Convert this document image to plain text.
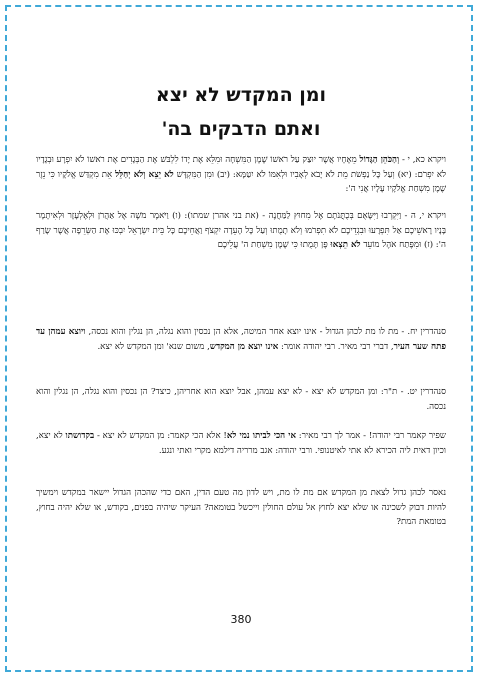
ומן המקדש לא יצא
ואתם הדבקים בה'

ויקרא כא, י - וְהַכֹּהֵן הַגָּדוֹל מֵאֶחָיו אֲשֶׁר יוּצַק עַל רֹאשׁוֹ שֶׁמֶן הַמִּשְׁחָה וּמִלֵּא אֶת יָדוֹ לִלְבֹּשׁ אֶת הַבְּגָדִים אֶת רֹאשׁוֹ לֹא יִפְרָע וּבְגָדָיו לֹא יִפְרֹם: (יא) וְעַל כָּל נַפְשֹׁת מֵת לֹא יָבֹא לְאָבִיו וּלְאִמּוֹ לֹא יִטַּמָּא: (יב) וּמִן הַמִּקְדָּשׁ לֹא יֵצֵא וְלֹא יְחַלֵּל אֵת מִקְדַּשׁ אֱלֹקָיו כִּי נֵזֶר שֶׁמֶן מִשְׁחַת אֱלֹקָיו עָלָיו אֲנִי ה':

ויקרא י, ה - וַיִּקְרְבוּ וַיִּשָּׂאֻם בְּכֻתֳּנֹתָם אֶל מִחוּץ לַמַּחֲנֶה - (את בני אהרן שמתו): (ו) וַיֹּאמֶר מֹשֶׁה אֶל אַהֲרֹן וּלְאֶלְעָזָר וּלְאִיתָמָר בָּנָיו רָאשֵׁיכֶם אַל תִּפְרָעוּ וּבִגְדֵיכֶם לֹא תִפְרֹמוּ וְלֹא תָמֻתוּ וְעַל כָּל הָעֵדָה יִקְצֹף וַאֲחֵיכֶם כָּל בֵּית יִשְׂרָאֵל יִבְכּוּ אֶת הַשְּׂרֵפָה אֲשֶׁר שָׂרַף ה': (ז) וּמִפֶּתַח אֹהֶל מוֹעֵד לֹא תֵצְאוּ פֶּן תָּמֻתוּ כִּי שֶׁמֶן מִשְׁחַת ה' עֲלֵיכֶם

סנהדרין יח. - מת לו מת לכהן הגדול - אינו יוצא אחר המיטה, אלא הן נכסין והוא נגלה, הן נגלין והוא נכסה, ויוצא עמהן עד פתח שער העיר, דברי רבי מאיר. רבי יהודה אומר: אינו יוצא מן המקדש, משום שנא' ומן המקדש לא יצא.

סנהדרין יט. - ת"ר: ומן המקדש לא יצא - לא יצא עמהן, אבל יוצא הוא אחריהן, כיצד? הן נכסין והוא נגלה, הן נגלין והוא נכסה.

שפיר קאמר רבי יהודה! - אמר לך רבי מאיר: אי הכי לביתו נמי לא! אלא הכי קאמר: מן המקדש לא יצא - בקדושתו לא יצא, וכיון דאית ליה הכירא לא אתי לאיטנופי. ורבי יהודה: אגב מרריה דילמא מקרי ואתי ונגע.

נאסר לכהן גדול לצאת מן המקדש אם מת לו מת, ויש לדון מה טעם הדין, האם כדי שהכהן הגדול יישאר במקדש וימשיך להיות דבוק לשכינה או שלא יצא לחוץ אל עולם החולין וייכשל בטומאה? העיקר שיהיה בפנים, בקודש, או שלא יהיה בחוץ, בטומאת המת?

380
